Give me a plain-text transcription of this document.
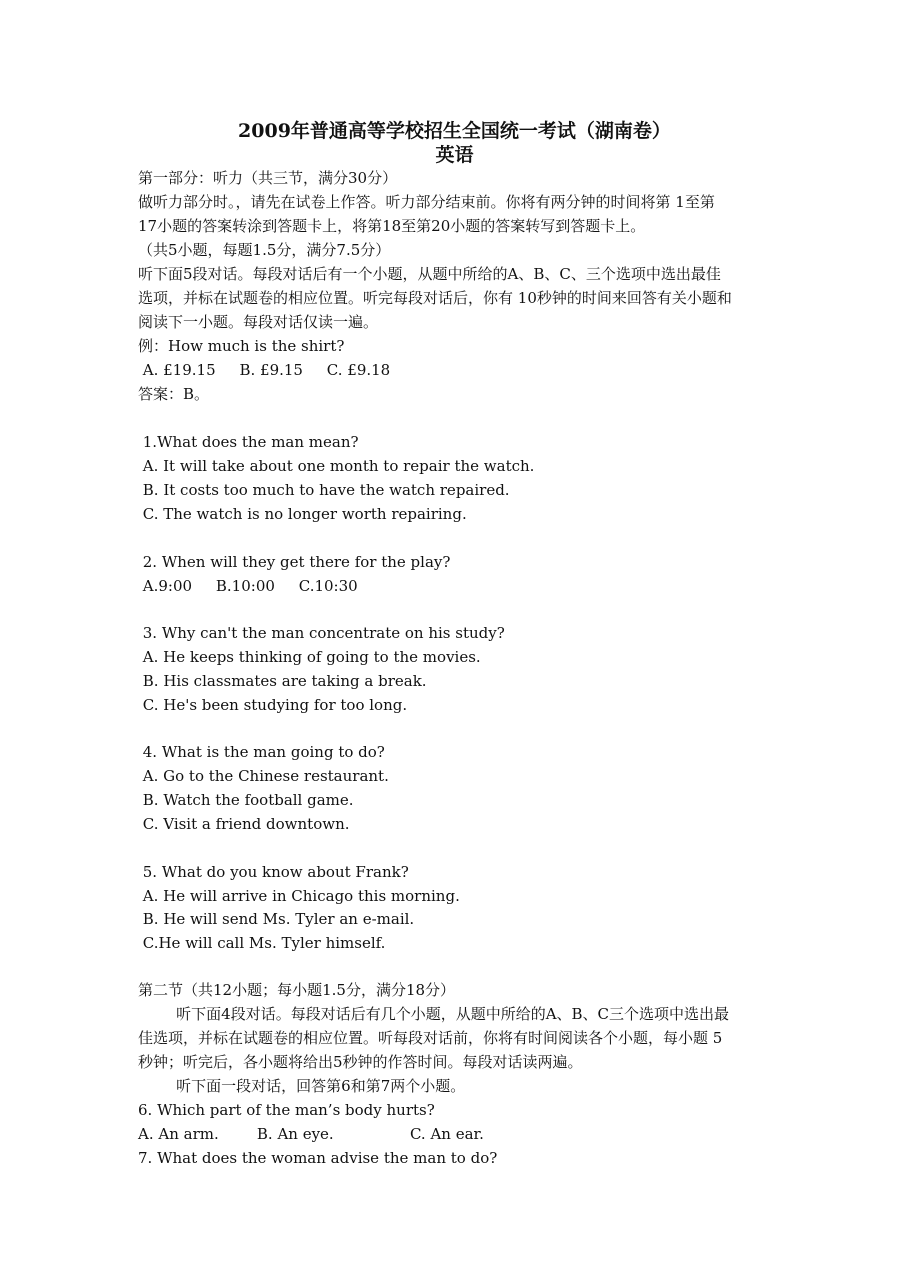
2009年普通高等学校招生全国统一考试（湖南卷）
英语

第一部分：听力（共三节，满分30分）

做听力部分时。，请先在试卷上作答。听力部分结束前。你将有两分钟的时间将第 1至第

17小题的答案转涂到答题卡上，将第18至第20小题的答案转写到答题卡上。

（共5小题，每题1.5分，满分7.5分）

听下面5段对话。每段对话后有一个小题，从题中所给的A、B、C、三个选项中选出最佳

选项，并标在试题卷的相应位置。听完每段对话后，你有 10秒钟的时间来回答有关小题和

阅读下一小题。每段对话仅读一遍。

例：How much is the shirt?

A. £19.15     B. £9.15     C. £9.18

答案：B。

1.What does the man mean?

A. It will take about one month to repair the watch.

B. It costs too much to have the watch repaired.

C. The watch is no longer worth repairing.

2. When will they get there for the play?

A.9:00     B.10:00     C.10:30

3. Why can't the man concentrate on his study?

A. He keeps thinking of going to the movies.

B. His classmates are taking a break.

C. He's been studying for too long.

4. What is the man going to do?

A. Go to the Chinese restaurant.

B. Watch the football game.

C. Visit a friend downtown.

5. What do you know about Frank?

A. He will arrive in Chicago this morning.

B. He will send Ms. Tyler an e-mail.

C.He will call Ms. Tyler himself.

第二节（共12小题；每小题1.5分，满分18分）

听下面4段对话。每段对话后有几个小题，从题中所给的A、B、C三个选项中选出最

佳选项，并标在试题卷的相应位置。听每段对话前，你将有时间阅读各个小题，每小题 5

秒钟；听完后，各小题将给出5秒钟的作答时间。每段对话读两遍。

听下面一段对话，回答第6和第7两个小题。

6. Which part of the man’s body hurts?

A. An arm.        B. An eye.                C. An ear.

7. What does the woman advise the man to do?
